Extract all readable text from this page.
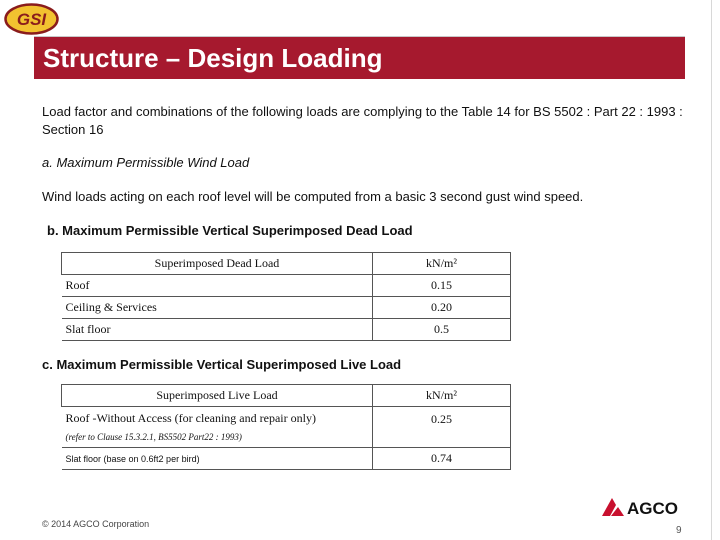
GSI
Structure – Design Loading
Load factor and combinations of the following loads are complying to the Table 14 for BS 5502 : Part 22 : 1993 : Section 16
a. Maximum Permissible Wind Load
Wind loads acting on each roof level will be computed from a basic 3 second gust wind speed.
b. Maximum Permissible Vertical Superimposed Dead Load
Superimposed Dead Load	kN/m²
Roof	0.15
Ceiling & Services	0.20
Slat floor	0.5
c. Maximum Permissible Vertical Superimposed Live Load
Superimposed Live Load	kN/m²
Roof -Without Access (for cleaning and repair only)
(refer to Clause 15.3.2.1, BS5502 Part22 : 1993)	0.25
Slat floor (base on 0.6ft2 per bird)	0.74
© 2014 AGCO Corporation
AGCO
9
